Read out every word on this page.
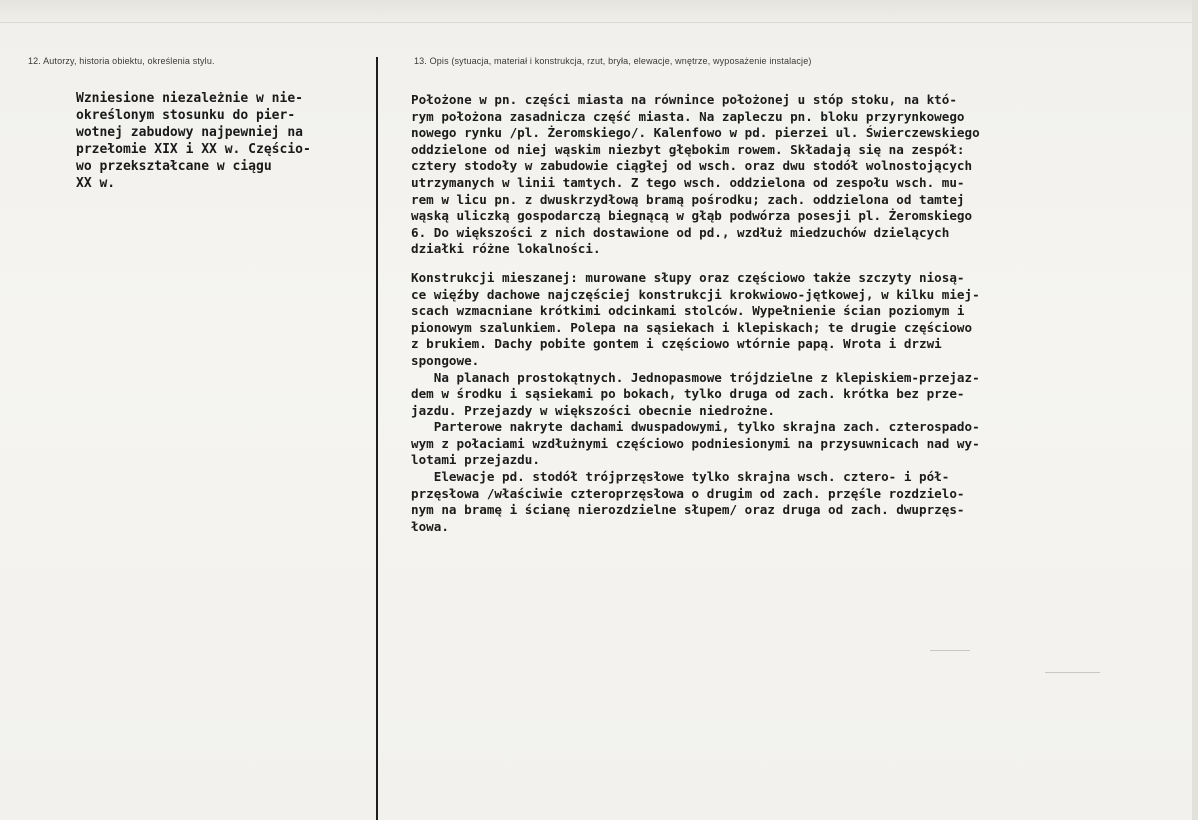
12. Autorzy, historia obiektu, określenia stylu.	13. Opis (sytuacja, materiał i konstrukcja, rzut, bryła, elewacje, wnętrze, wyposażenie instalacje)
Wzniesione niezależnie w nie-
określonym stosunku do pier-
wotnej zabudowy najpewniej na
przełomie XIX i XX w. Częścio-
wo przekształcane w ciągu
XX w.
Położone w pn. części miasta na równince położonej u stóp stoku, na któ-
rym położona zasadnicza część miasta. Na zapleczu pn. bloku przyrynkowego
nowego rynku /pl. Żeromskiego/. Kalenfowo w pd. pierzei ul. Świerczewskiego
oddzielone od niej wąskim niezbyt głębokim rowem. Składają się na zespół:
cztery stodoły w zabudowie ciągłej od wsch. oraz dwu stodół wolnostojących
utrzymanych w linii tamtych. Z tego wsch. oddzielona od zespołu wsch. mu-
rem w licu pn. z dwuskrzydłową bramą pośrodku; zach. oddzielona od tamtej
wąską uliczką gospodarczą biegnącą w głąb podwórza posesji pl. Żeromskiego
6. Do większości z nich dostawione od pd., wzdłuż miedzuchów dzielących
działki różne lokalności.
Konstrukcji mieszanej: murowane słupy oraz częściowo także szczyty niosą-
ce więźby dachowe najczęściej konstrukcji krokwiowo-jętkowej, w kilku miej-
scach wzmacniane krótkimi odcinkami stolców. Wypełnienie ścian poziomym i
pionowym szalunkiem. Polepa na sąsiekach i klepiskach; te drugie częściowo
z brukiem. Dachy pobite gontem i częściowo wtórnie papą. Wrota i drzwi
spongowe.
Na planach prostokątnych. Jednopasmowe trójdzielne z klepiskiem-przejaz-
dem w środku i sąsiekami po bokach, tylko druga od zach. krótka bez prze-
jazdu. Przejazdy w większości obecnie niedrożne.
Parterowe nakryte dachami dwuspadowymi, tylko skrajna zach. czterospado-
wym z połaciami wzdłużnymi częściowo podniesionymi na przysuwnicach nad wy-
lotami przejazdu.
Elewacje pd. stodół trójprzęsłowe tylko skrajna wsch. cztero- i pół-
przęsłowa /właściwie czteroprzęsłowa o drugim od zach. przęśle rozdzielo-
nym na bramę i ścianę nierozdzielne słupem/ oraz druga od zach. dwuprzęs-
łowa.
